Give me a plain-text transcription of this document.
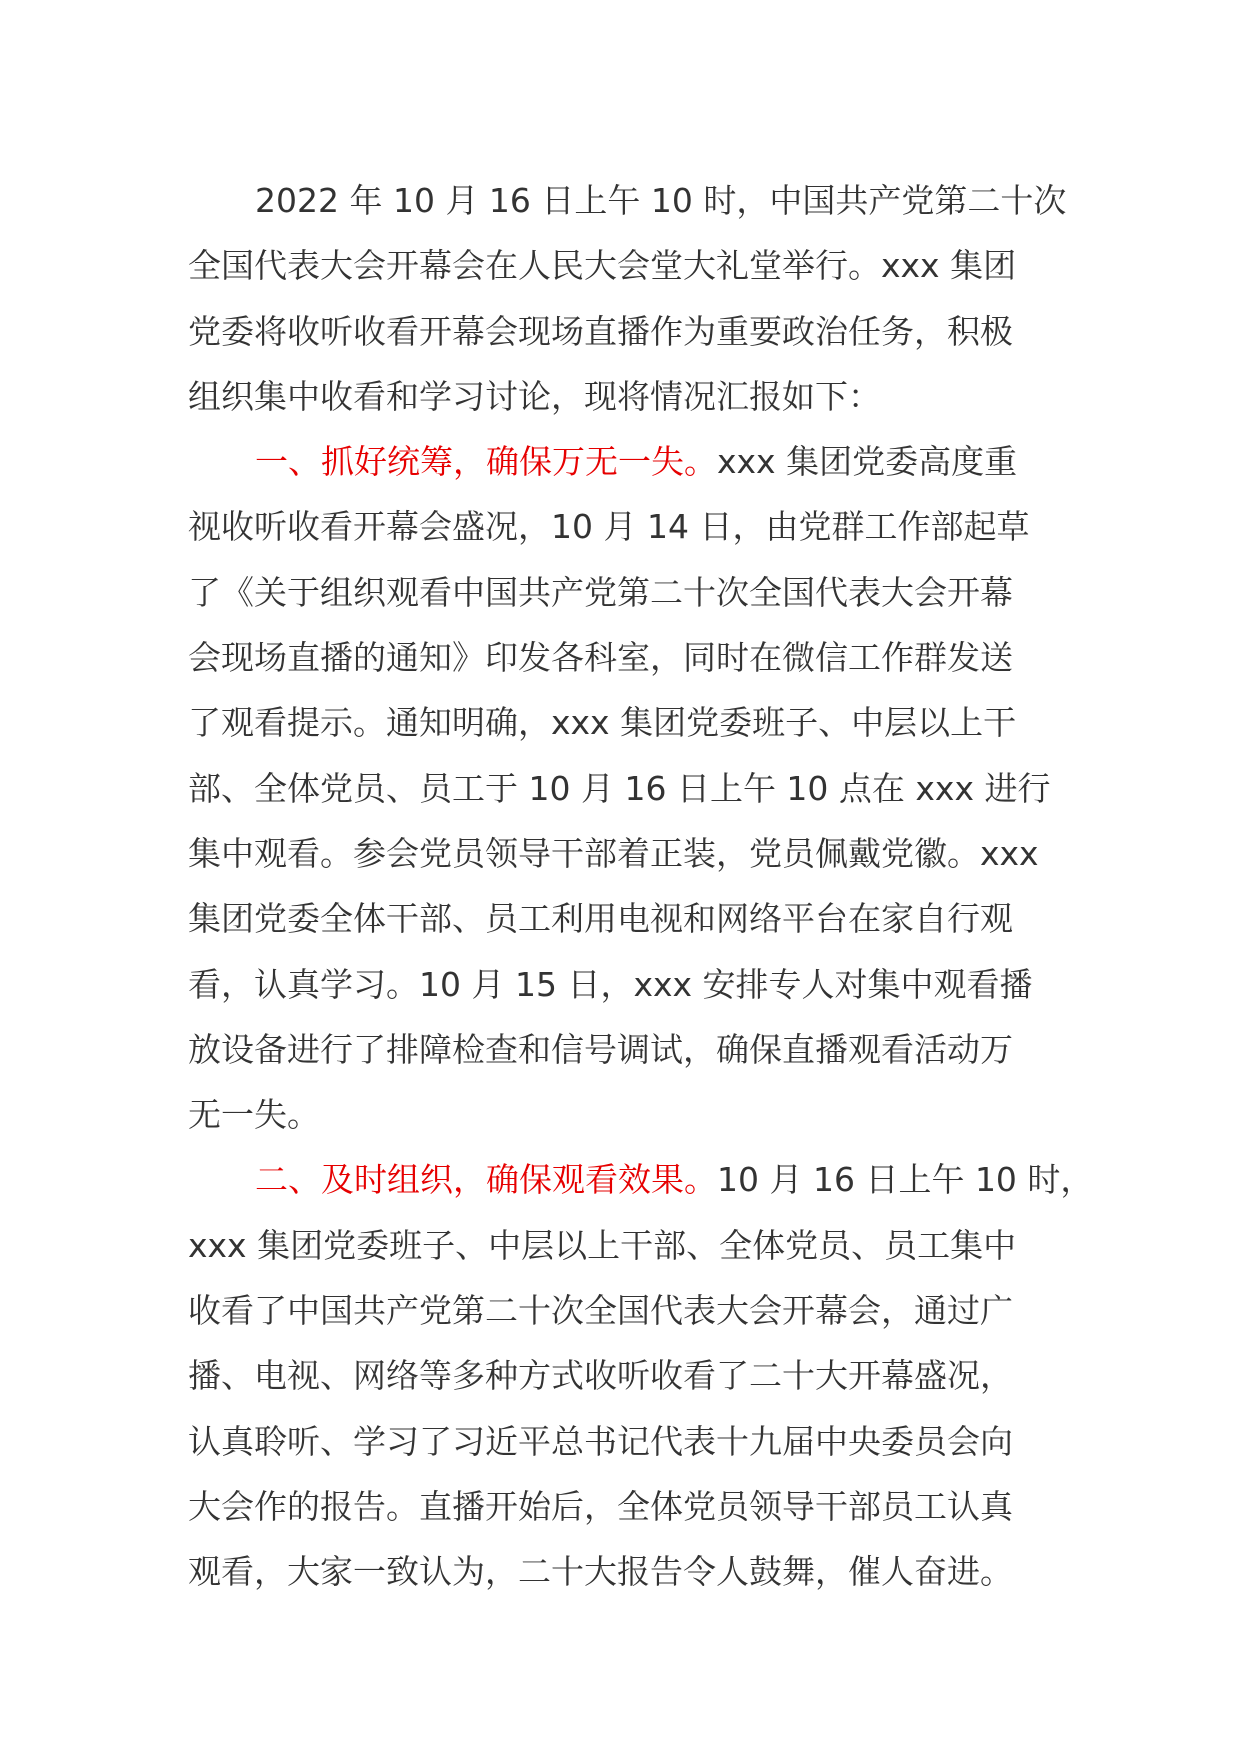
2022 年 10 月 16 日上午 10 时，中国共产党第二十次
全国代表大会开幕会在人民大会堂大礼堂举行。xxx 集团
党委将收听收看开幕会现场直播作为重要政治任务，积极
组织集中收看和学习讨论，现将情况汇报如下：
一、抓好统筹，确保万无一失。xxx 集团党委高度重
视收听收看开幕会盛况，10 月 14 日，由党群工作部起草
了《关于组织观看中国共产党第二十次全国代表大会开幕
会现场直播的通知》印发各科室，同时在微信工作群发送
了观看提示。通知明确，xxx 集团党委班子、中层以上干
部、全体党员、员工于 10 月 16 日上午 10 点在 xxx 进行
集中观看。参会党员领导干部着正装，党员佩戴党徽。xxx
集团党委全体干部、员工利用电视和网络平台在家自行观
看，认真学习。10 月 15 日，xxx 安排专人对集中观看播
放设备进行了排障检查和信号调试，确保直播观看活动万
无一失。
二、及时组织，确保观看效果。10 月 16 日上午 10 时，
xxx 集团党委班子、中层以上干部、全体党员、员工集中
收看了中国共产党第二十次全国代表大会开幕会，通过广
播、电视、网络等多种方式收听收看了二十大开幕盛况，
认真聆听、学习了习近平总书记代表十九届中央委员会向
大会作的报告。直播开始后，全体党员领导干部员工认真
观看，大家一致认为，二十大报告令人鼓舞，催人奋进。
